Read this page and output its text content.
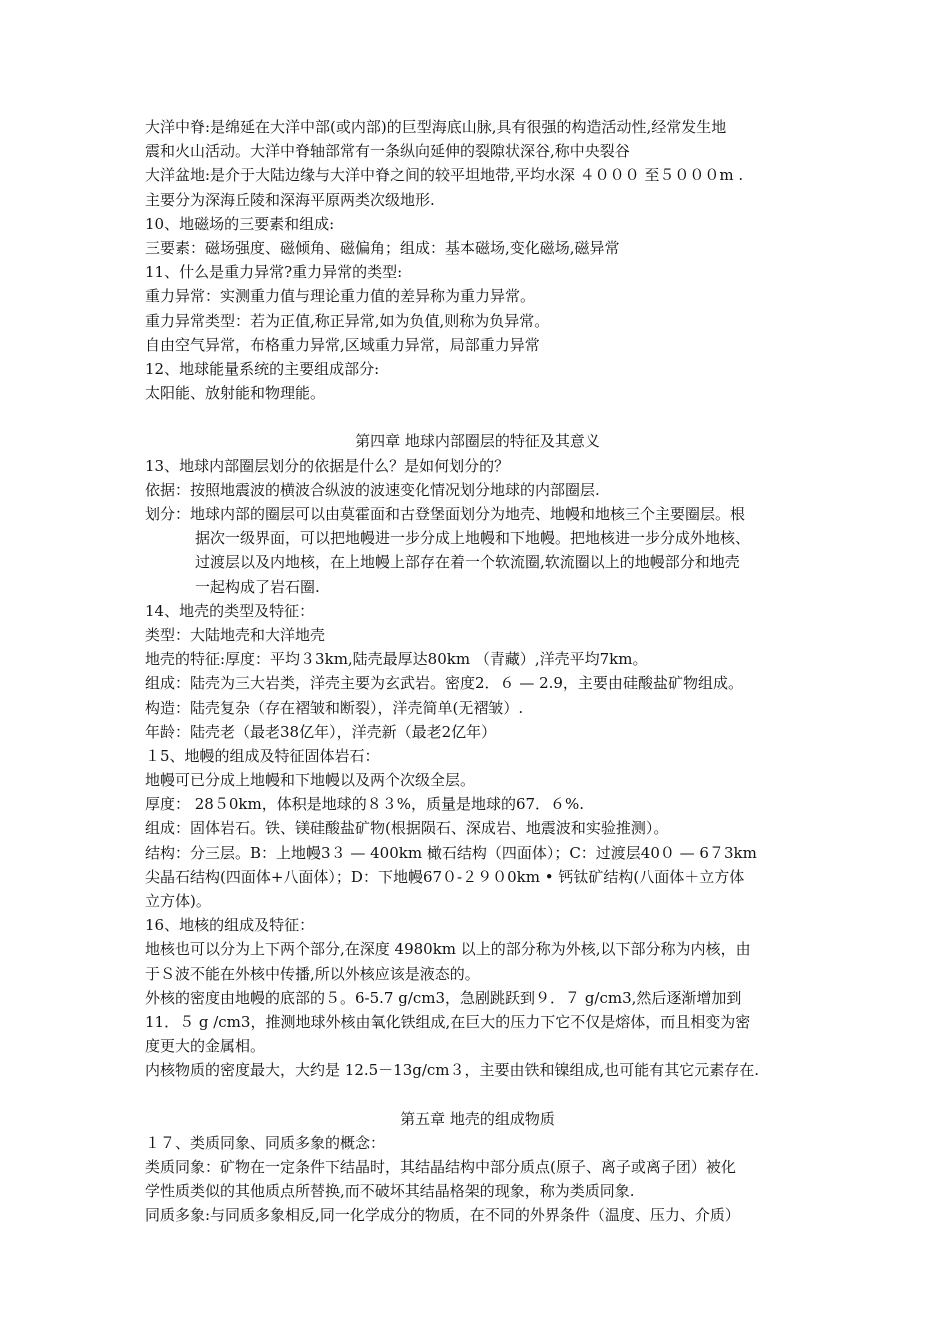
大洋中脊:是绵延在大洋中部(或内部)的巨型海底山脉,具有很强的构造活动性,经常发生地
震和火山活动。大洋中脊轴部常有一条纵向延伸的裂隙状深谷,称中央裂谷
大洋盆地:是介于大陆边缘与大洋中脊之间的较平坦地带,平均水深 ４０００ 至５０００m .
主要分为深海丘陵和深海平原两类次级地形.
10、地磁场的三要素和组成:
三要素：磁场强度、磁倾角、磁偏角；组成：基本磁场,变化磁场,磁异常
11、什么是重力异常?重力异常的类型:
重力异常：实测重力值与理论重力值的差异称为重力异常。
重力异常类型：若为正值,称正异常,如为负值,则称为负异常。
自由空气异常，布格重力异常,区域重力异常，局部重力异常
12、地球能量系统的主要组成部分:
太阳能、放射能和物理能。
第四章 地球内部圈层的特征及其意义
13、地球内部圈层划分的依据是什么？是如何划分的？
依据：按照地震波的横波合纵波的波速变化情况划分地球的内部圈层.
划分：地球内部的圈层可以由莫霍面和古登堡面划分为地壳、地幔和地核三个主要圈层。根
据次一级界面，可以把地幔进一步分成上地幔和下地幔。把地核进一步分成外地核、
过渡层以及内地核，在上地幔上部存在着一个软流圈,软流圈以上的地幔部分和地壳
一起构成了岩石圈.
14、地壳的类型及特征：
类型：大陆地壳和大洋地壳
地壳的特征:厚度：平均３3km,陆壳最厚达80km （青藏）,洋壳平均7km。
组成：陆壳为三大岩类，洋壳主要为玄武岩。密度2．６ — 2.9，主要由硅酸盐矿物组成。
构造：陆壳复杂（存在褶皱和断裂），洋壳简单(无褶皱）.
年龄：陆壳老（最老38亿年），洋壳新（最老2亿年）
１5、地幔的组成及特征固体岩石：
地幔可已分成上地幔和下地幔以及两个次级全层。
厚度： 28５0km，体积是地球的８３%，质量是地球的67．６%.
组成：固体岩石。铁、镁硅酸盐矿物(根据陨石、深成岩、地震波和实验推测）。
结构：分三层。B：上地幔3３ — 400km 橄石结构（四面体）；C：过渡层40０ — 6７3km
尖晶石结构(四面体+八面体）；D：下地幔67０-２９０0km • 钙钛矿结构(八面体＋立方体
立方体)。
16、地核的组成及特征：
地核也可以分为上下两个部分,在深度 4980km 以上的部分称为外核,以下部分称为内核，由
于Ｓ波不能在外核中传播,所以外核应该是液态的。
外核的密度由地幔的底部的５。6-5.7 g/cm3，急剧跳跃到９．７ g/cm3,然后逐渐增加到
11．５ g /cm3，推测地球外核由氧化铁组成,在巨大的压力下它不仅是熔体，而且相变为密
度更大的金属相。
内核物质的密度最大，大约是 12.5－13g/cm３，主要由铁和镍组成,也可能有其它元素存在.
第五章 地壳的组成物质
１７、类质同象、同质多象的概念：
类质同象：矿物在一定条件下结晶时，其结晶结构中部分质点(原子、离子或离子团）被化
学性质类似的其他质点所替换,而不破坏其结晶格架的现象，称为类质同象.
同质多象:与同质多象相反,同一化学成分的物质，在不同的外界条件（温度、压力、介质）
